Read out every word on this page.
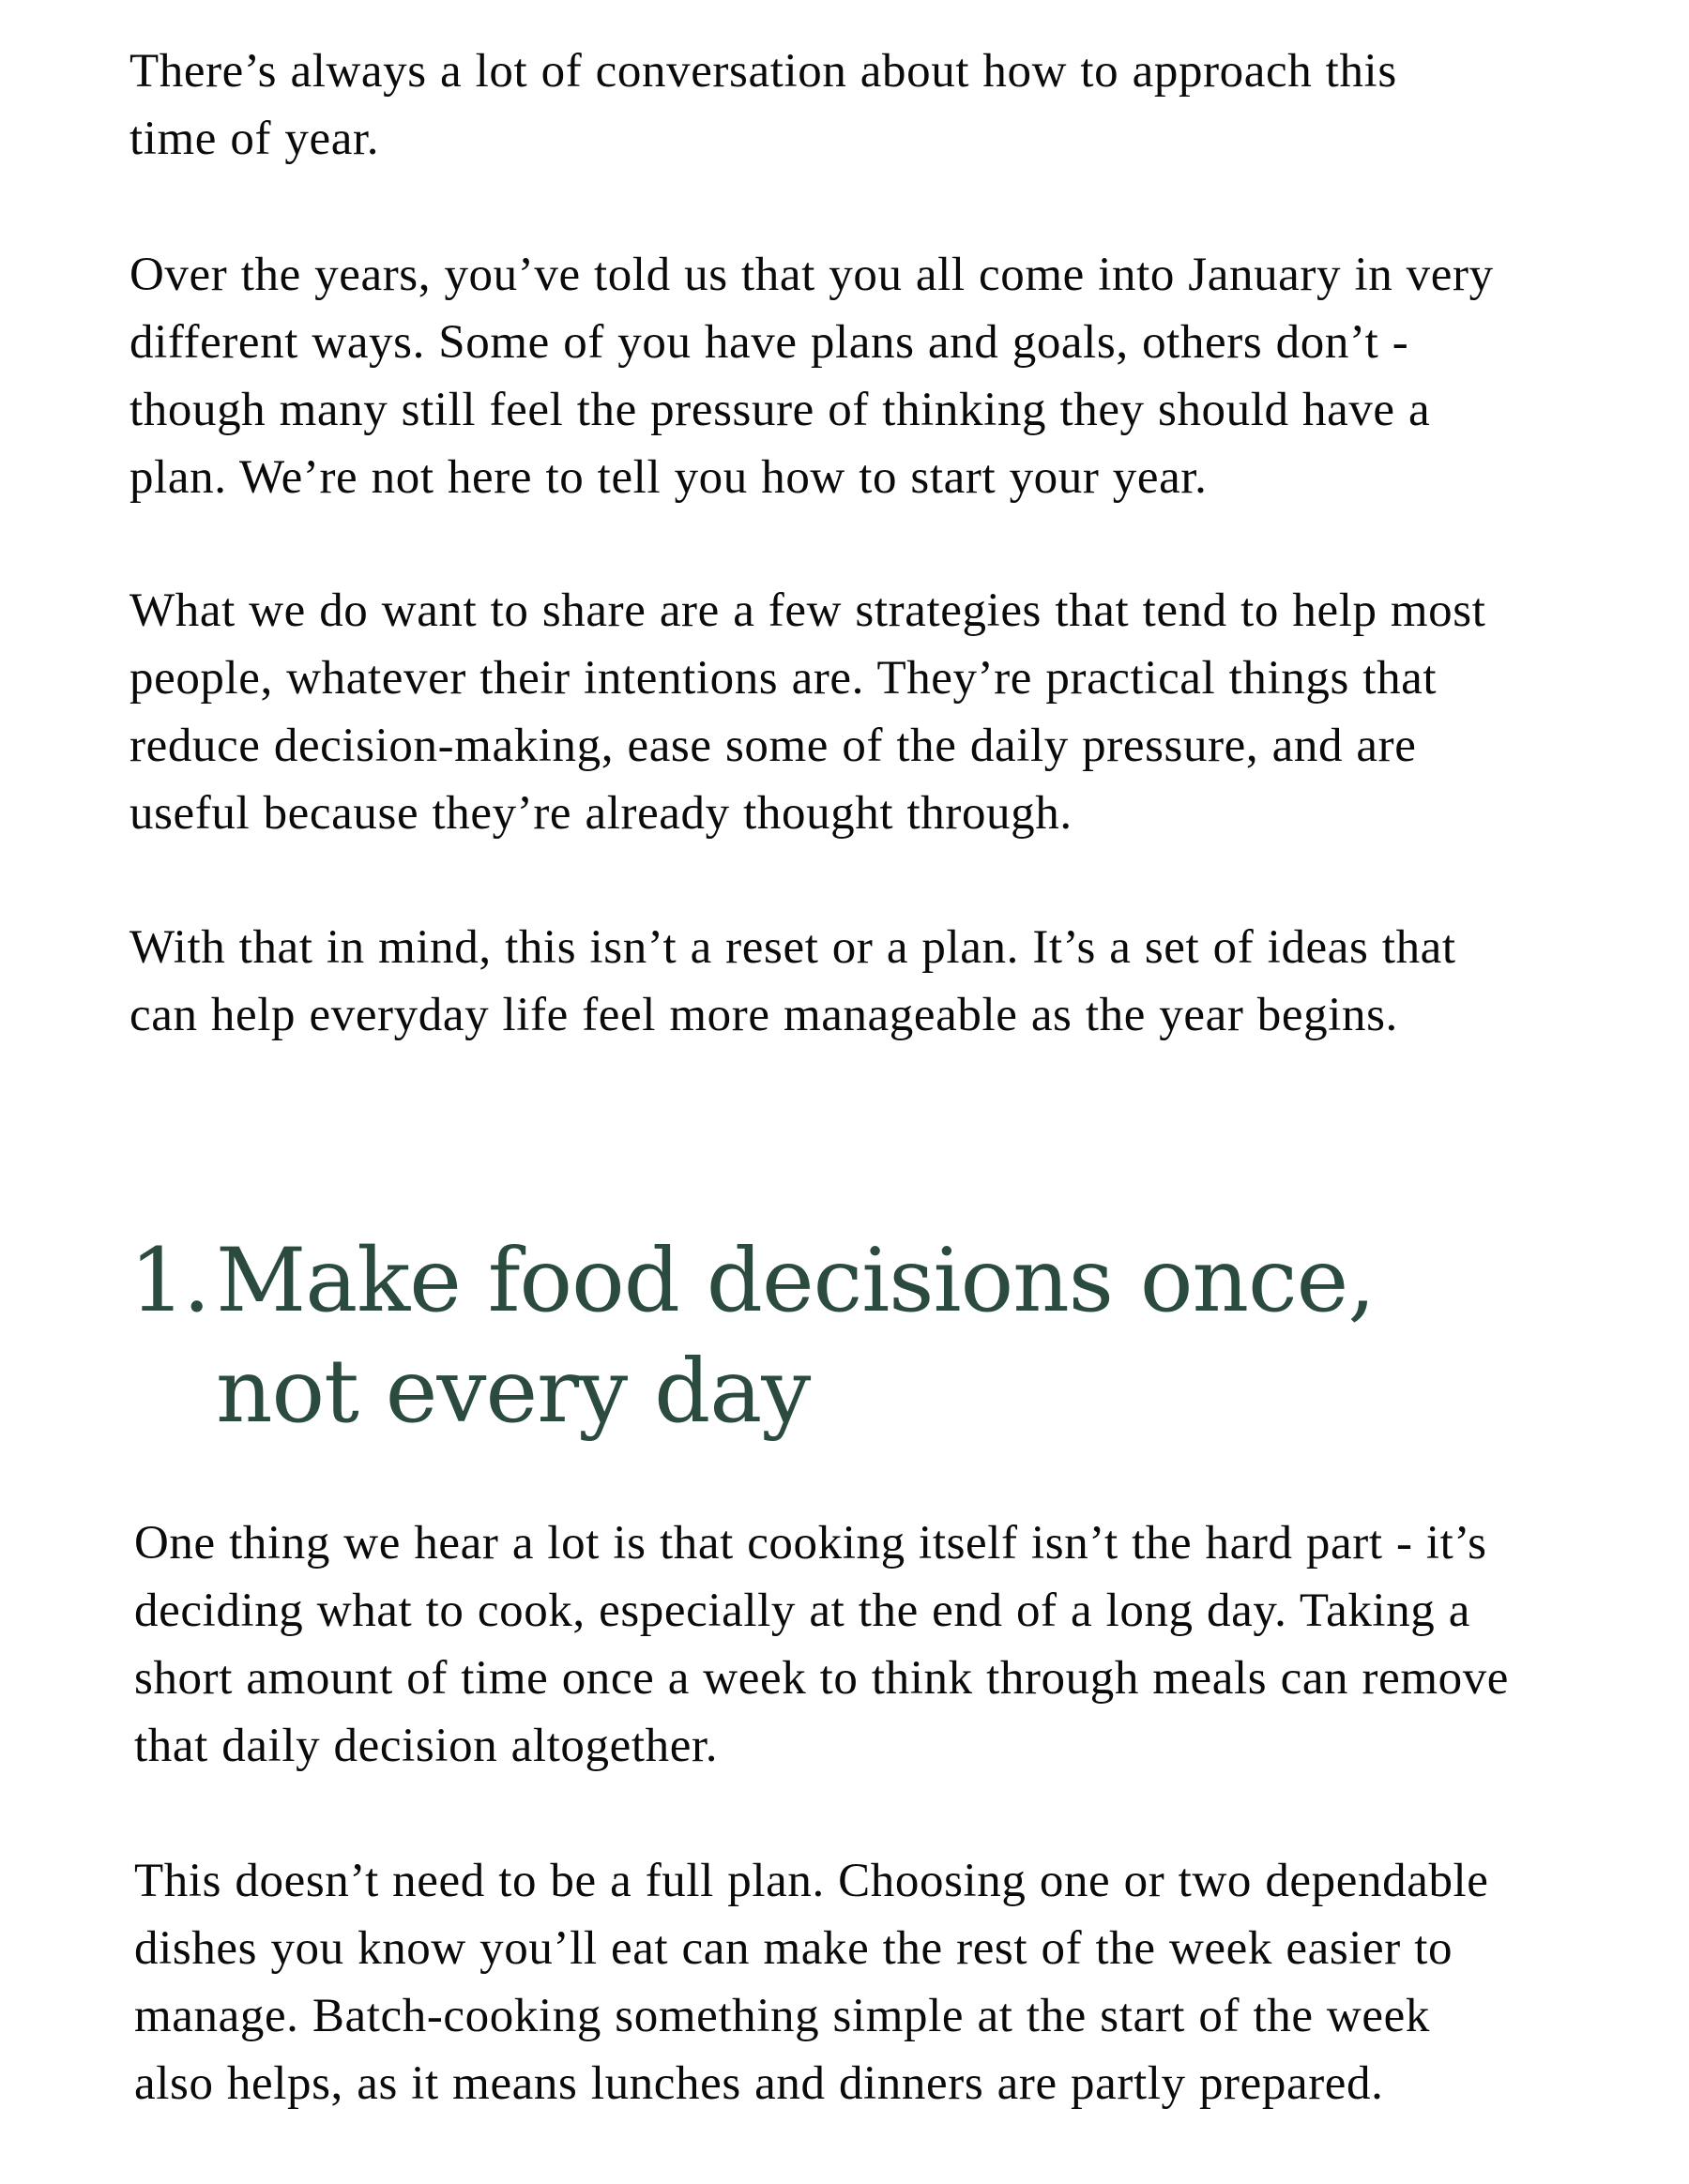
There’s always a lot of conversation about how to approach this
time of year.

Over the years, you’ve told us that you all come into January in very
different ways. Some of you have plans and goals, others don’t -
though many still feel the pressure of thinking they should have a
plan. We’re not here to tell you how to start your year.

What we do want to share are a few strategies that tend to help most
people, whatever their intentions are. They’re practical things that
reduce decision-making, ease some of the daily pressure, and are
useful because they’re already thought through.

With that in mind, this isn’t a reset or a plan. It’s a set of ideas that
can help everyday life feel more manageable as the year begins.

1. Make food decisions once,
not every day

One thing we hear a lot is that cooking itself isn’t the hard part - it’s
deciding what to cook, especially at the end of a long day. Taking a
short amount of time once a week to think through meals can remove
that daily decision altogether.

This doesn’t need to be a full plan. Choosing one or two dependable
dishes you know you’ll eat can make the rest of the week easier to
manage. Batch-cooking something simple at the start of the week
also helps, as it means lunches and dinners are partly prepared.
